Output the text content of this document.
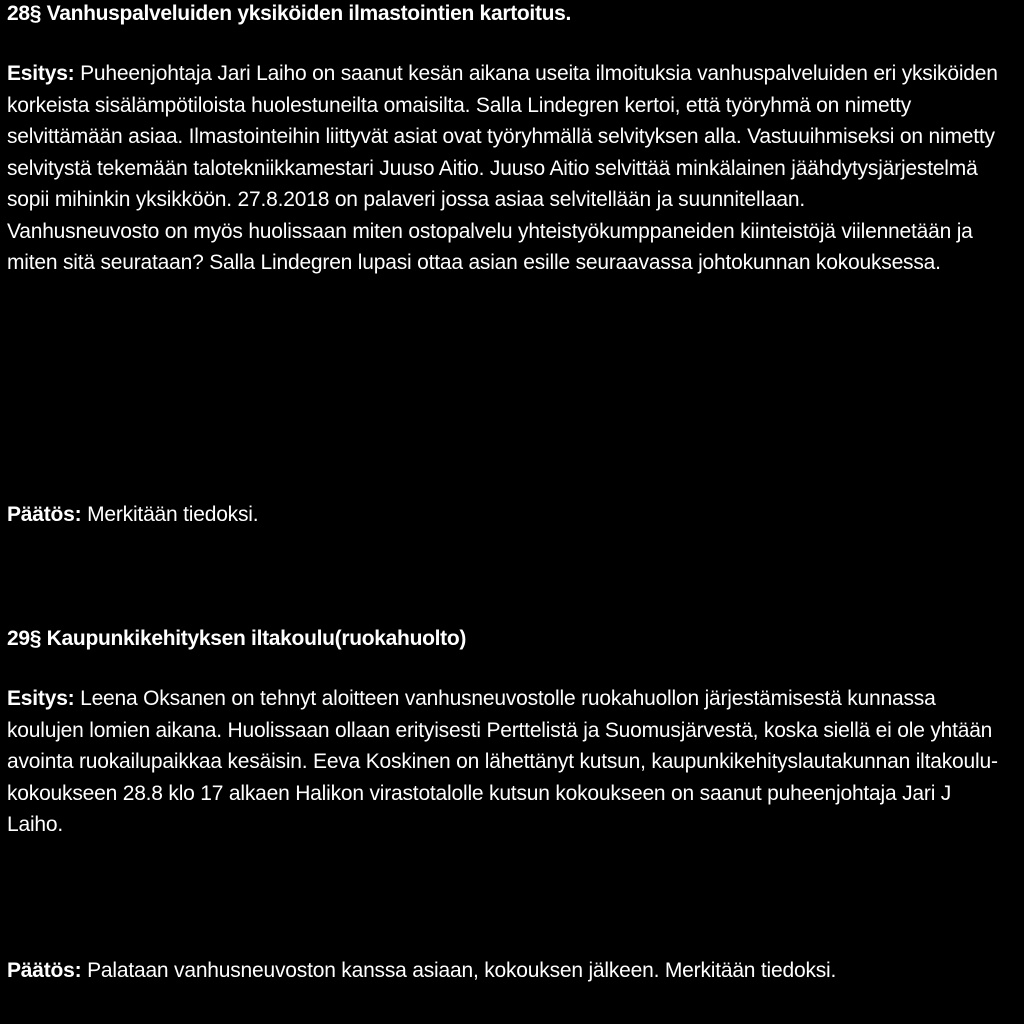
28§ Vanhuspalveluiden yksiköiden ilmastointien kartoitus.

Esitys: Puheenjohtaja Jari Laiho on saanut kesän aikana useita ilmoituksia vanhuspalveluiden eri yksiköiden korkeista sisälämpötiloista huolestuneilta omaisilta. Salla Lindegren kertoi, että työryhmä on nimetty selvittämään asiaa. Ilmastointeihin liittyvät asiat ovat työryhmällä selvityksen alla. Vastuuihmiseksi on nimetty selvitystä tekemään talotekniikkamestari Juuso Aitio. Juuso Aitio selvittää minkälainen jäähdytysjärjestelmä sopii mihinkin yksikköön. 27.8.2018 on palaveri jossa asiaa selvitellään ja suunnitellaan.

Vanhusneuvosto on myös huolissaan miten ostopalvelu yhteistyökumppaneiden kiinteistöjä viilennetään ja miten sitä seurataan? Salla Lindegren lupasi ottaa asian esille seuraavassa johtokunnan kokouksessa.

Päätös: Merkitään tiedoksi.

29§ Kaupunkikehityksen iltakoulu(ruokahuolto)

Esitys: Leena Oksanen on tehnyt aloitteen vanhusneuvostolle ruokahuollon järjestämisestä kunnassa koulujen lomien aikana. Huolissaan ollaan erityisesti Perttelistä ja Suomusjärvestä, koska siellä ei ole yhtään avointa ruokailupaikkaa kesäisin. Eeva Koskinen on lähettänyt kutsun, kaupunkikehityslautakunnan iltakoulu-kokoukseen 28.8 klo 17 alkaen Halikon virastotalolle kutsun kokoukseen on saanut puheenjohtaja Jari J Laiho.

Päätös: Palataan vanhusneuvoston kanssa asiaan, kokouksen jälkeen. Merkitään tiedoksi.
